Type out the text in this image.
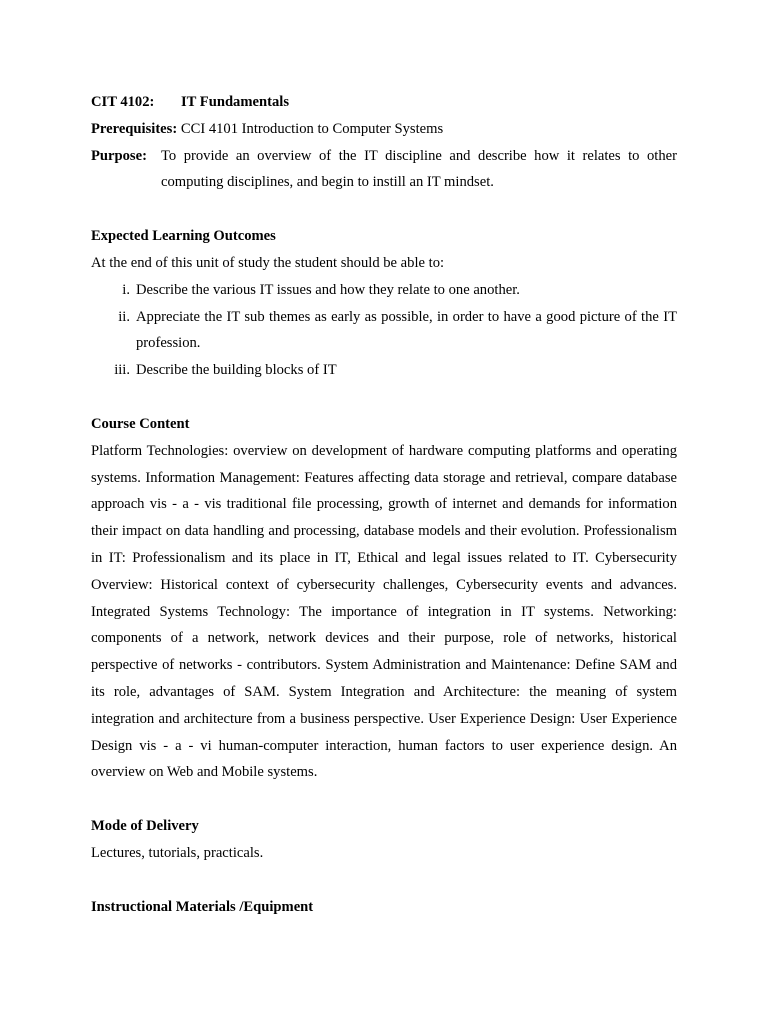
CIT 4102: IT Fundamentals
Prerequisites: CCI 4101 Introduction to Computer Systems
Purpose: To provide an overview of the IT discipline and describe how it relates to other computing disciplines, and begin to instill an IT mindset.
Expected Learning Outcomes
At the end of this unit of study the student should be able to:
i. Describe the various IT issues and how they relate to one another.
ii. Appreciate the IT sub themes as early as possible, in order to have a good picture of the IT profession.
iii. Describe the building blocks of IT
Course Content
Platform Technologies: overview on development of hardware computing platforms and operating systems. Information Management: Features affecting data storage and retrieval, compare database approach vis - a - vis traditional file processing, growth of internet and demands for information their impact on data handling and processing, database models and their evolution. Professionalism in IT: Professionalism and its place in IT, Ethical and legal issues related to IT. Cybersecurity Overview: Historical context of cybersecurity challenges, Cybersecurity events and advances. Integrated Systems Technology: The importance of integration in IT systems. Networking: components of a network, network devices and their purpose, role of networks, historical perspective of networks - contributors. System Administration and Maintenance: Define SAM and its role, advantages of SAM. System Integration and Architecture: the meaning of system integration and architecture from a business perspective. User Experience Design: User Experience Design vis - a - vi human-computer interaction, human factors to user experience design. An overview on Web and Mobile systems.
Mode of Delivery
Lectures, tutorials, practicals.
Instructional Materials /Equipment
